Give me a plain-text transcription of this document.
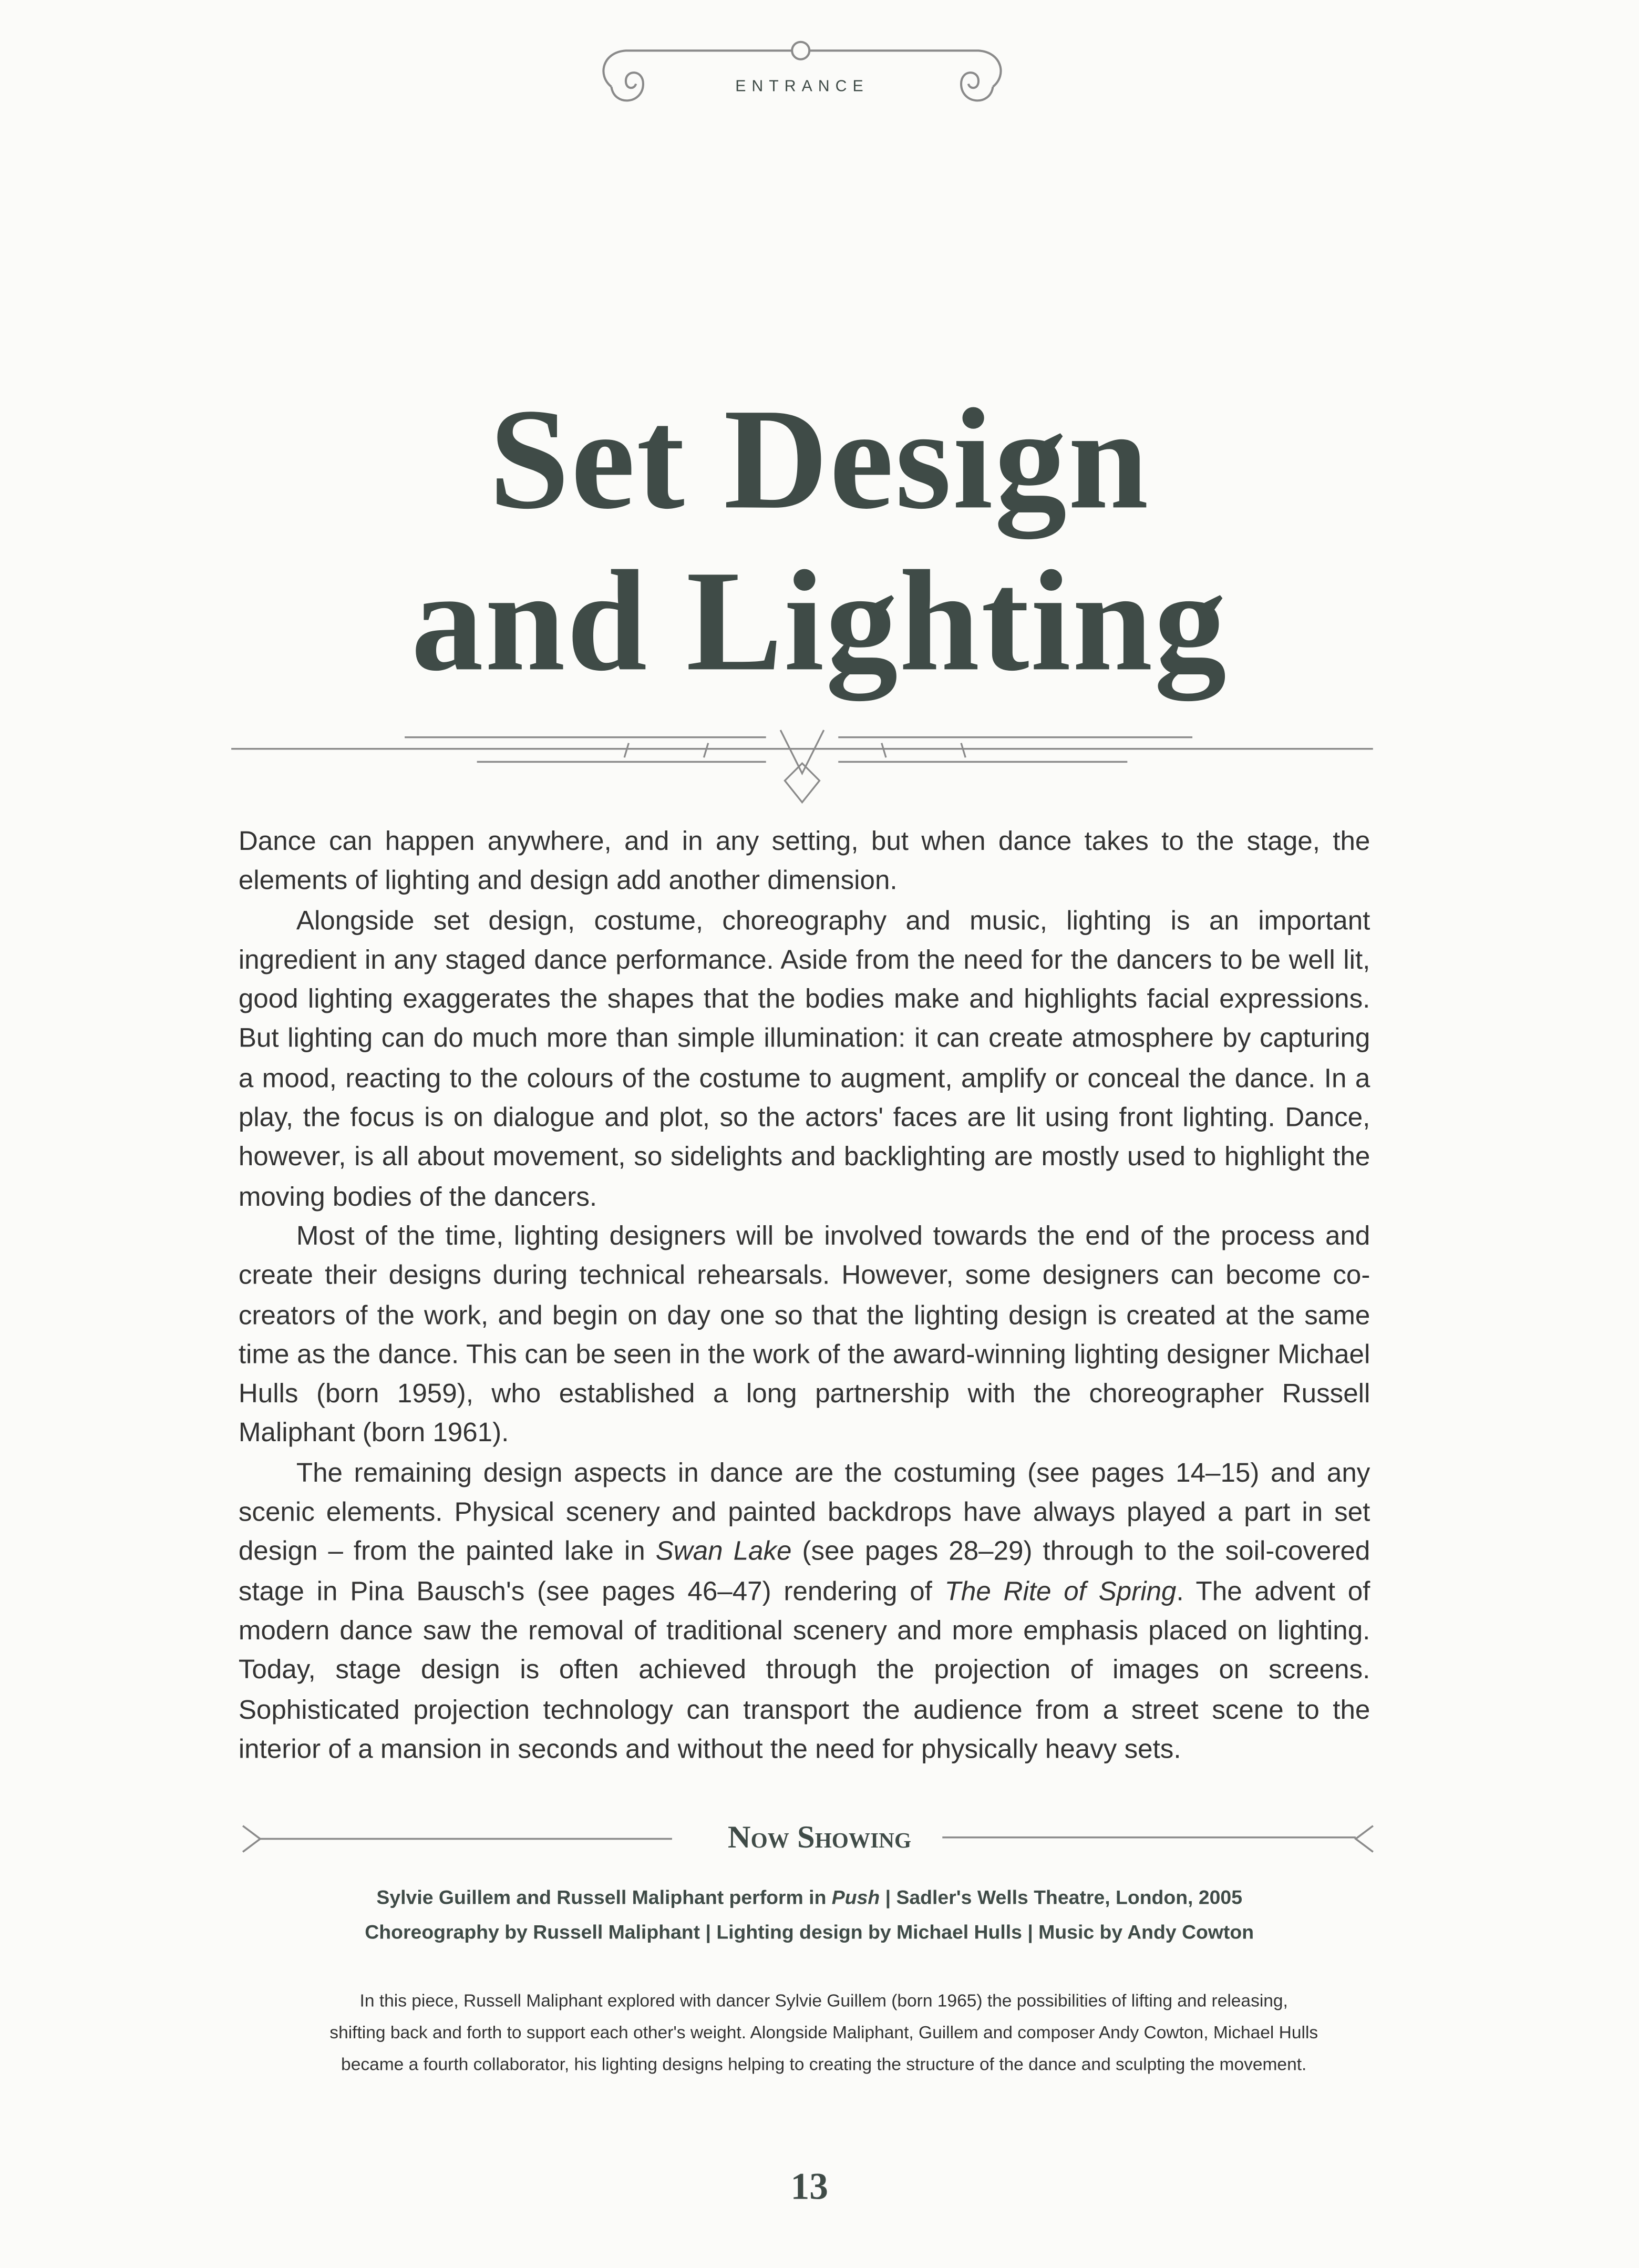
ENTRANCE
Set Design
and Lighting

Dance can happen anywhere, and in any setting, but when dance takes to the stage, the elements of lighting and design add another dimension.

Alongside set design, costume, choreography and music, lighting is an important ingredient in any staged dance performance. Aside from the need for the dancers to be well lit, good lighting exaggerates the shapes that the bodies make and highlights facial expressions. But lighting can do much more than simple illumination: it can create atmosphere by capturing a mood, reacting to the colours of the costume to augment, amplify or conceal the dance. In a play, the focus is on dialogue and plot, so the actors' faces are lit using front lighting. Dance, however, is all about movement, so sidelights and backlighting are mostly used to highlight the moving bodies of the dancers.

Most of the time, lighting designers will be involved towards the end of the process and create their designs during technical rehearsals. However, some designers can become co-creators of the work, and begin on day one so that the lighting design is created at the same time as the dance. This can be seen in the work of the award-winning lighting designer Michael Hulls (born 1959), who established a long partnership with the choreographer Russell Maliphant (born 1961).

The remaining design aspects in dance are the costuming (see pages 14–15) and any scenic elements. Physical scenery and painted backdrops have always played a part in set design – from the painted lake in Swan Lake (see pages 28–29) through to the soil-covered stage in Pina Bausch's (see pages 46–47) rendering of The Rite of Spring. The advent of modern dance saw the removal of traditional scenery and more emphasis placed on lighting. Today, stage design is often achieved through the projection of images on screens. Sophisticated projection technology can transport the audience from a street scene to the interior of a mansion in seconds and without the need for physically heavy sets.

Now Showing
Sylvie Guillem and Russell Maliphant perform in Push | Sadler's Wells Theatre, London, 2005
Choreography by Russell Maliphant | Lighting design by Michael Hulls | Music by Andy Cowton
In this piece, Russell Maliphant explored with dancer Sylvie Guillem (born 1965) the possibilities of lifting and releasing,
shifting back and forth to support each other's weight. Alongside Maliphant, Guillem and composer Andy Cowton, Michael Hulls
became a fourth collaborator, his lighting designs helping to creating the structure of the dance and sculpting the movement.
13
